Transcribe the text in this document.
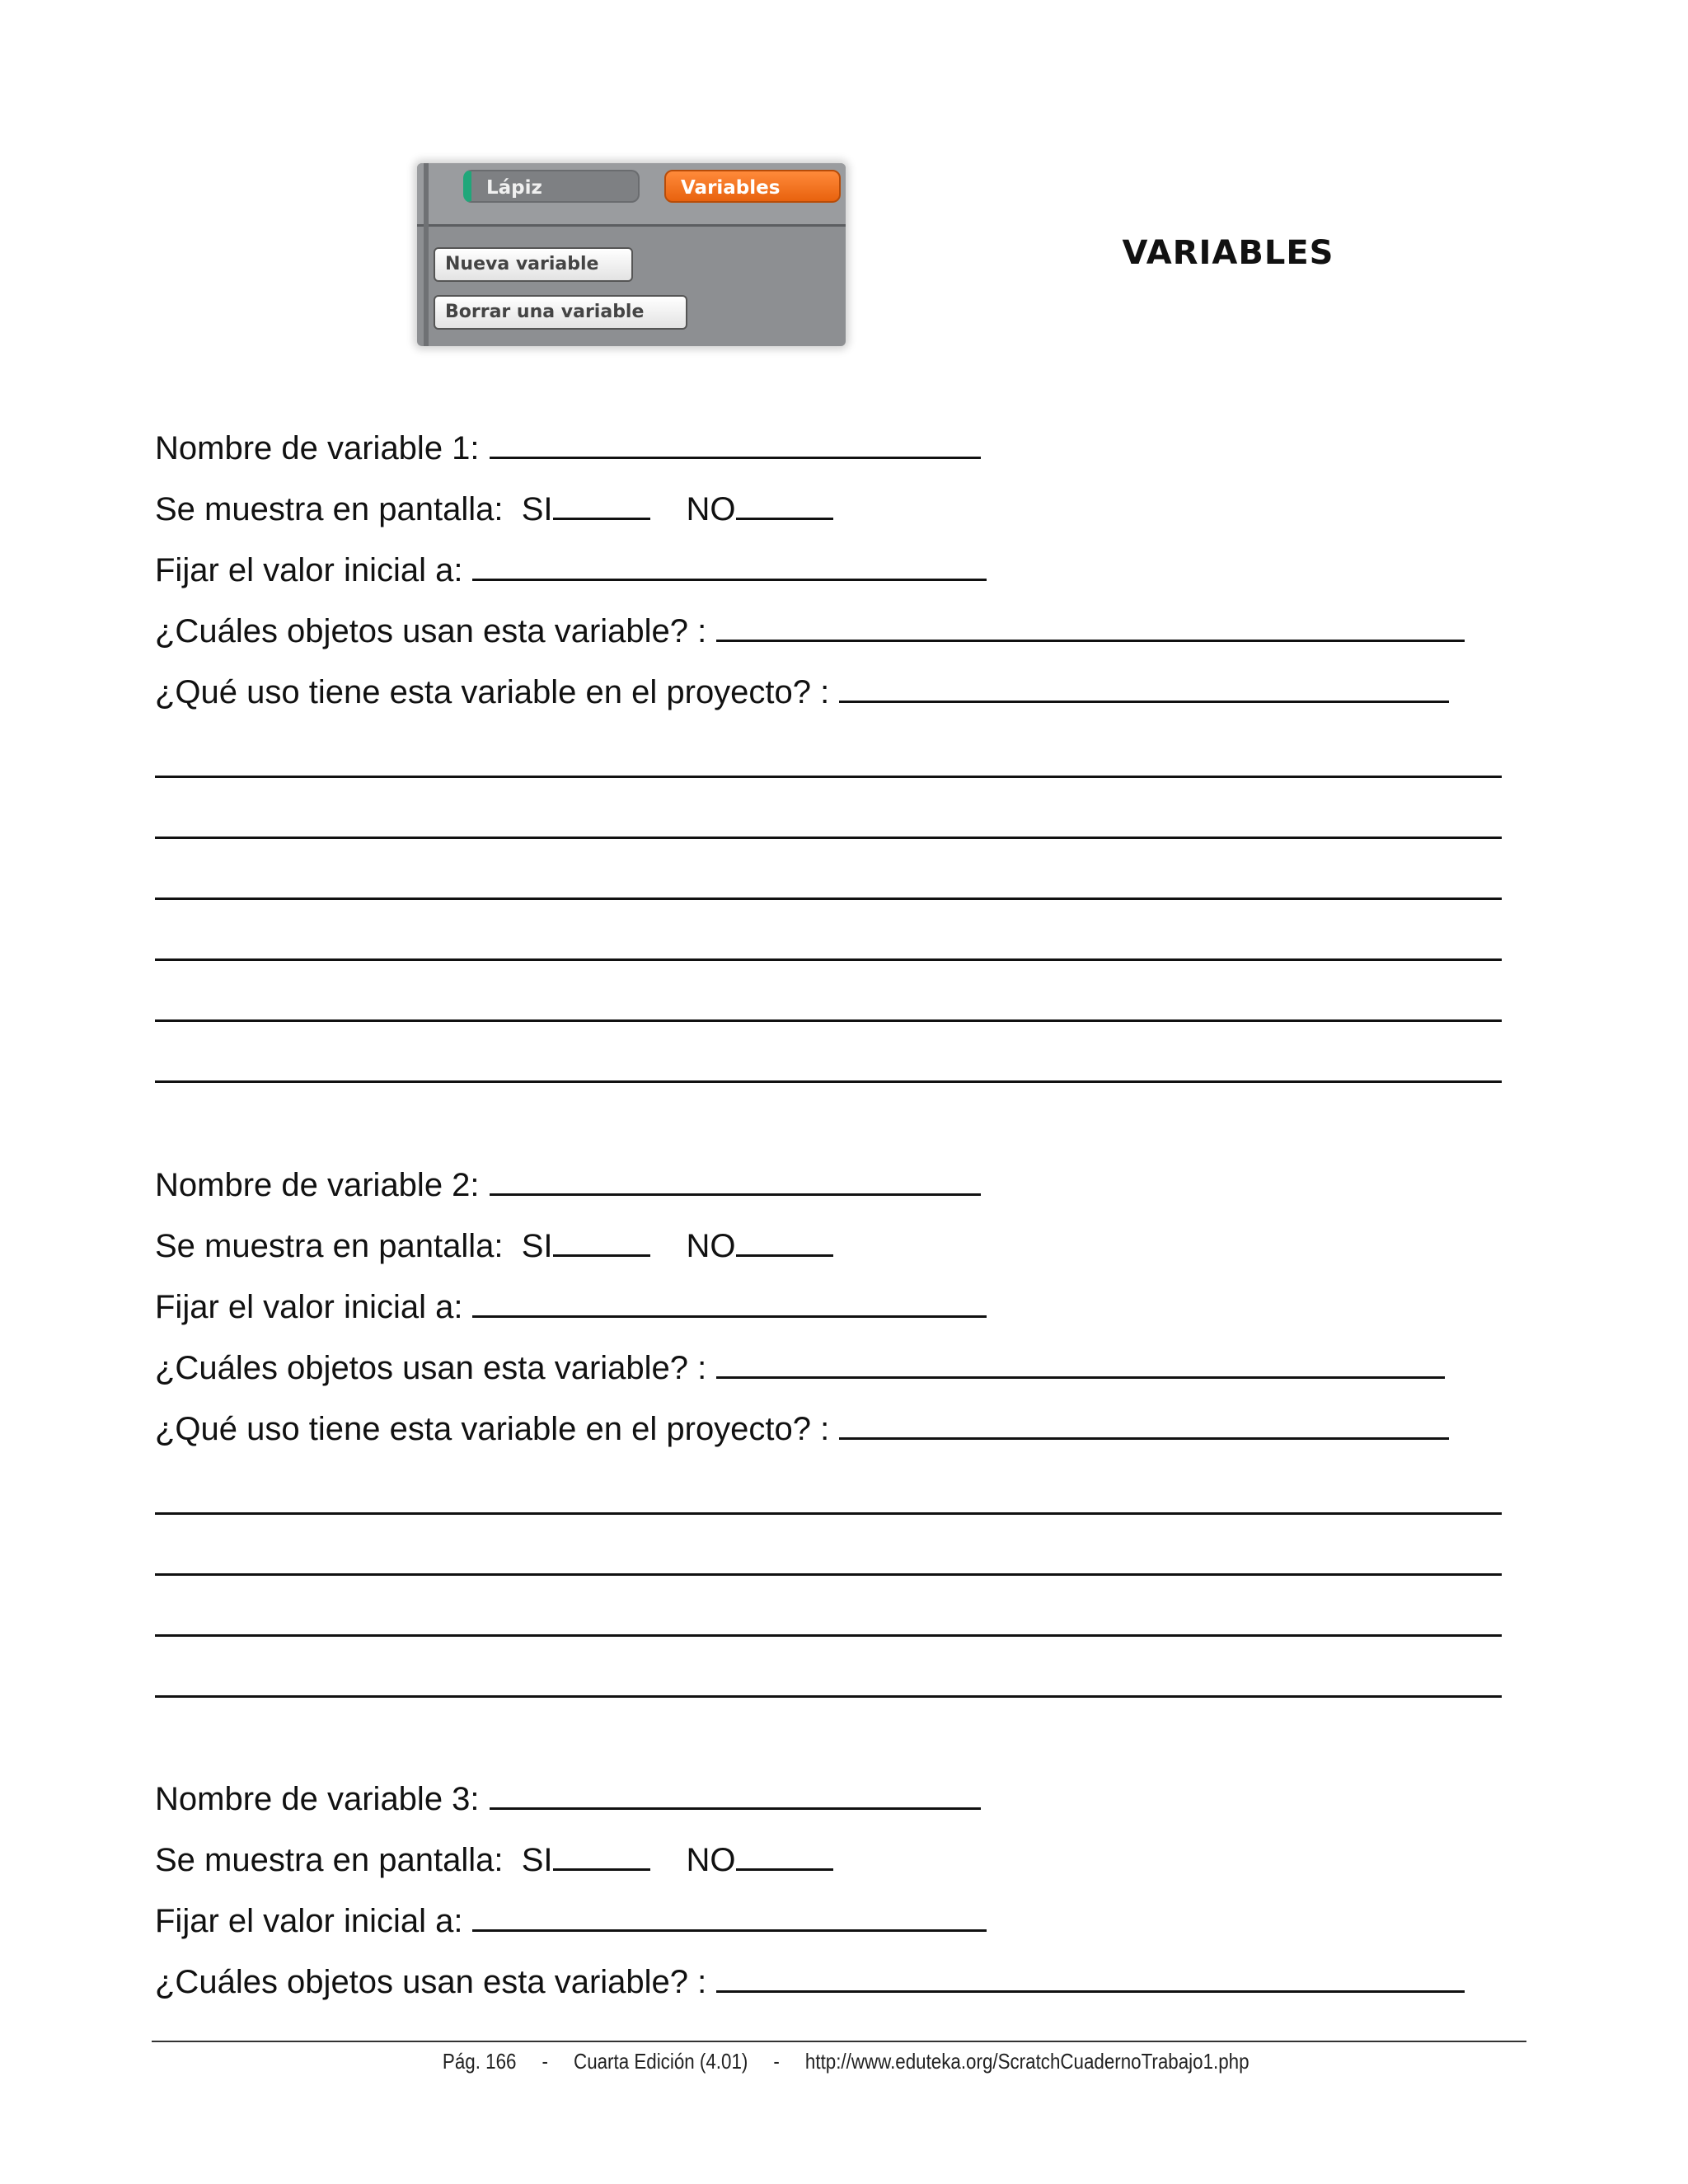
Lápiz	Variables
Nueva variable
Borrar una variable
VARIABLES
Nombre de variable 1:
Se muestra en pantalla: SI	NO
Fijar el valor inicial a:
¿Cuáles objetos usan esta variable? :
¿Qué uso tiene esta variable en el proyecto? :
Nombre de variable 2:
Se muestra en pantalla: SI	NO
Fijar el valor inicial a:
¿Cuáles objetos usan esta variable? :
¿Qué uso tiene esta variable en el proyecto? :
Nombre de variable 3:
Se muestra en pantalla: SI	NO
Fijar el valor inicial a:
¿Cuáles objetos usan esta variable? :
Pág. 166 - Cuarta Edición (4.01) - http://www.eduteka.org/ScratchCuadernoTrabajo1.php
